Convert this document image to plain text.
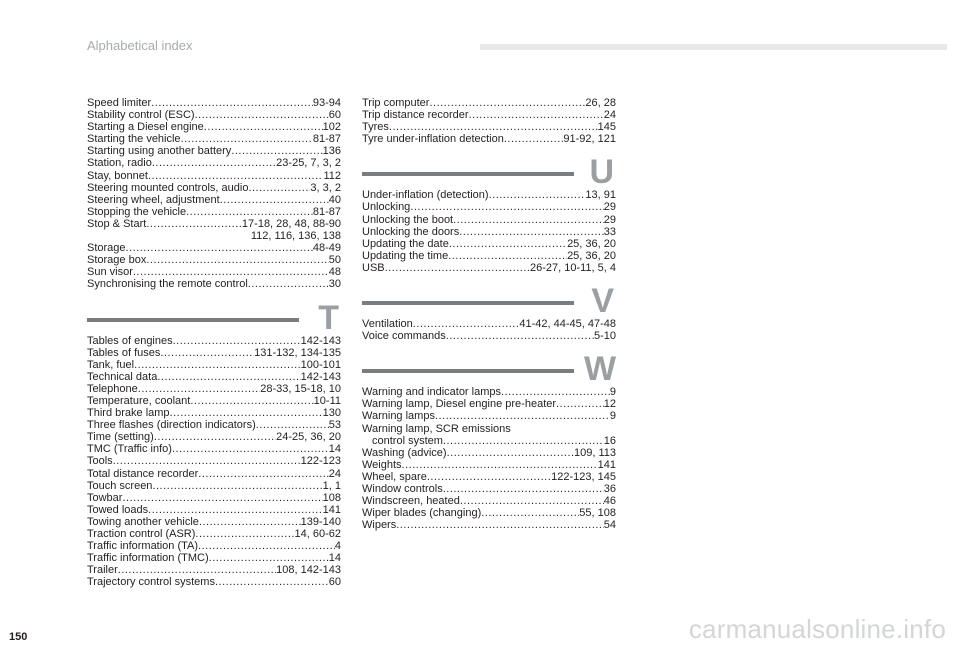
Alphabetical index
Speed limiter .....	93-94
Stability control (ESC) .....	60
Starting a Diesel engine .....	102
Starting the vehicle .....	81-87
Starting using another battery .....	136
Station, radio .....	23-25, 7, 3, 2
Stay, bonnet .....	112
Steering mounted controls, audio .....	3, 3, 2
Steering wheel, adjustment .....	40
Stopping the vehicle .....	81-87
Stop & Start .....	17-18, 28, 48, 88-90
112, 116, 136, 138
Storage .....	48-49
Storage box .....	50
Sun visor .....	48
Synchronising the remote control .....	30
T
Tables of engines .....	142-143
Tables of fuses .....	131-132, 134-135
Tank, fuel .....	100-101
Technical data .....	142-143
Telephone .....	28-33, 15-18, 10
Temperature, coolant .....	10-11
Third brake lamp .....	130
Three flashes (direction indicators) .....	53
Time (setting) .....	24-25, 36, 20
TMC (Traffic info) .....	14
Tools .....	122-123
Total distance recorder .....	24
Touch screen .....	1, 1
Towbar .....	108
Towed loads .....	141
Towing another vehicle .....	139-140
Traction control (ASR) .....	14, 60-62
Traffic information (TA) .....	4
Traffic information (TMC) .....	14
Trailer .....	108, 142-143
Trajectory control systems .....	60
Trip computer .....	26, 28
Trip distance recorder .....	24
Tyres .....	145
Tyre under-inflation detection .....	91-92, 121
U
Under-inflation (detection) .....	13, 91
Unlocking .....	29
Unlocking the boot .....	29
Unlocking the doors .....	33
Updating the date .....	25, 36, 20
Updating the time .....	25, 36, 20
USB .....	26-27, 10-11, 5, 4
V
Ventilation .....	41-42, 44-45, 47-48
Voice commands .....	5-10
W
Warning and indicator lamps .....	9
Warning lamp, Diesel engine pre-heater .....	12
Warning lamps .....	9
Warning lamp, SCR emissions
control system .....	16
Washing (advice) .....	109, 113
Weights .....	141
Wheel, spare .....	122-123, 145
Window controls .....	36
Windscreen, heated .....	46
Wiper blades (changing) .....	55, 108
Wipers .....	54
150	carmanualsonline.info
